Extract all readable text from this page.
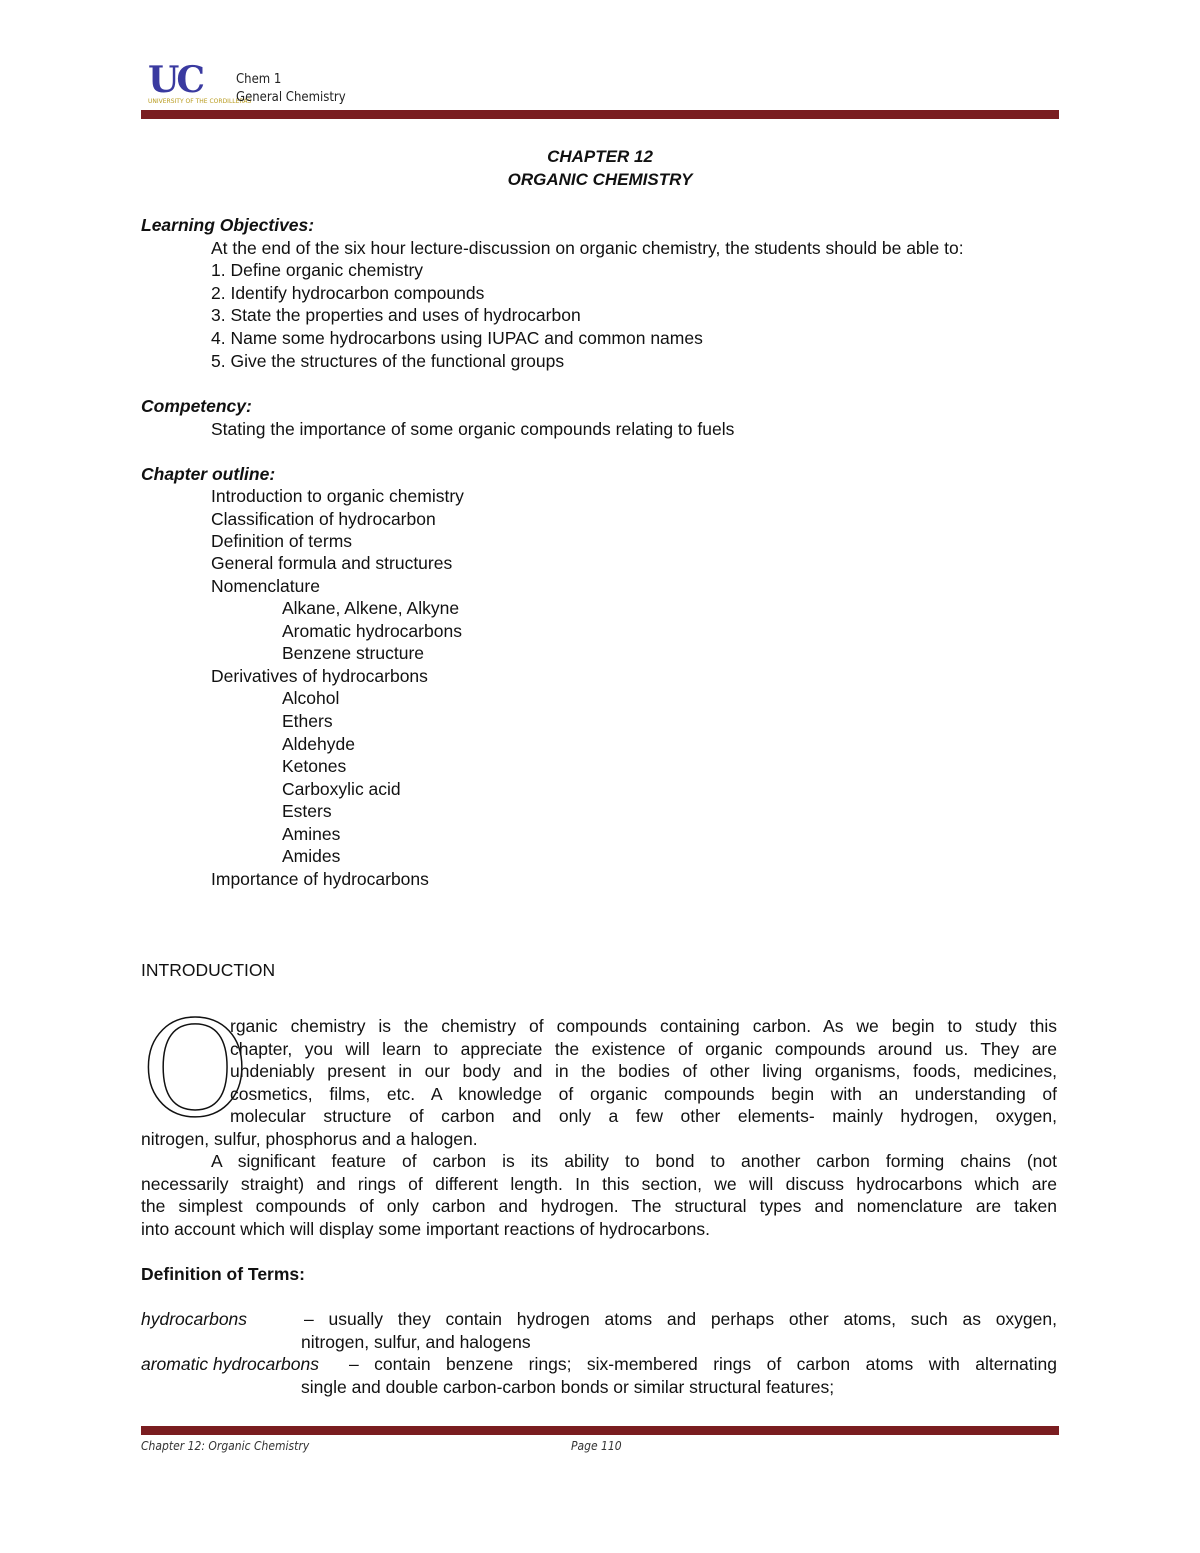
UC
UNIVERSITY OF THE CORDILLERAS
Chem 1
General Chemistry
CHAPTER 12
ORGANIC CHEMISTRY
Learning Objectives:
At the end of the six hour lecture-discussion on organic chemistry, the students should be able to:
1. Define organic chemistry
2. Identify hydrocarbon compounds
3. State the properties and uses of hydrocarbon
4. Name some hydrocarbons using IUPAC and common names
5. Give the structures of the functional groups
Competency:
Stating the importance of some organic compounds relating to fuels
Chapter outline:
Introduction to organic chemistry
Classification of hydrocarbon
Definition of terms
General formula and structures
Nomenclature
Alkane, Alkene, Alkyne
Aromatic hydrocarbons
Benzene structure
Derivatives of hydrocarbons
Alcohol
Ethers
Aldehyde
Ketones
Carboxylic acid
Esters
Amines
Amides
Importance of hydrocarbons
INTRODUCTION
O
rganic chemistry is the chemistry of compounds containing carbon. As we begin to study this
chapter, you will learn to appreciate the existence of organic compounds around us. They are
undeniably present in our body and in the bodies of other living organisms, foods, medicines,
cosmetics, films, etc. A knowledge of organic compounds begin with an understanding of
molecular structure of carbon and only a few other elements- mainly hydrogen, oxygen,
nitrogen, sulfur, phosphorus and a halogen.
A significant feature of carbon is its ability to bond to another carbon forming chains (not
necessarily straight) and rings of different length. In this section, we will discuss hydrocarbons which are
the simplest compounds of only carbon and hydrogen. The structural types and nomenclature are taken
into account which will display some important reactions of hydrocarbons.
Definition of Terms:
hydrocarbons	– usually they contain hydrogen atoms and perhaps other atoms, such as oxygen,
nitrogen, sulfur, and halogens
aromatic hydrocarbons – contain benzene rings; six-membered rings of carbon atoms with alternating
single and double carbon-carbon bonds or similar structural features;
Chapter 12: Organic Chemistry	Page 110
